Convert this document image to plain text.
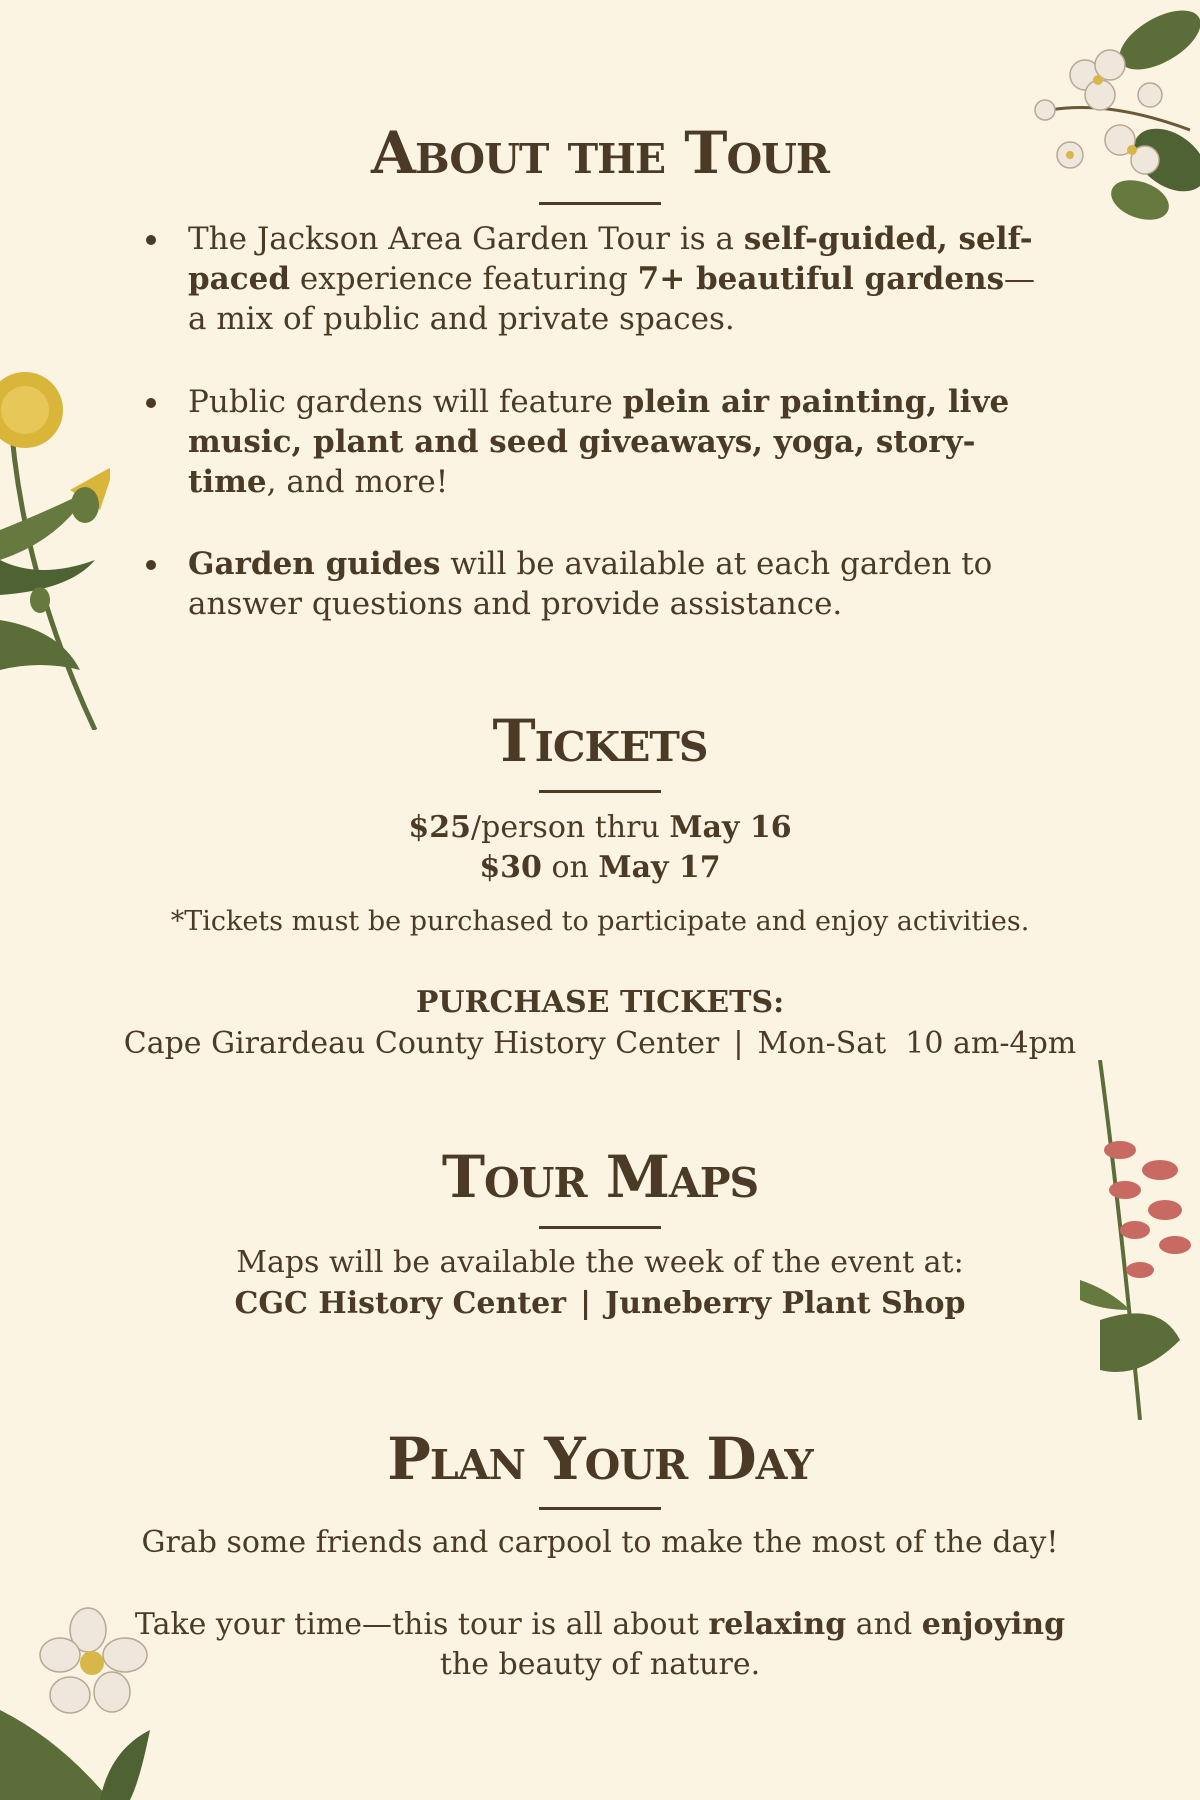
About the Tour
The Jackson Area Garden Tour is a self-guided, self-paced experience featuring 7+ beautiful gardens—a mix of public and private spaces.
Public gardens will feature plein air painting, live music, plant and seed giveaways, yoga, story-time, and more!
Garden guides will be available at each garden to answer questions and provide assistance.
Tickets
$25/person thru May 16
$30 on May 17
*Tickets must be purchased to participate and enjoy activities.
PURCHASE TICKETS:
Cape Girardeau County History Center | Mon-Sat  10 am-4pm
Tour Maps
Maps will be available the week of the event at:
CGC History Center | Juneberry Plant Shop
Plan Your Day
Grab some friends and carpool to make the most of the day!
Take your time—this tour is all about relaxing and enjoying
the beauty of nature.
